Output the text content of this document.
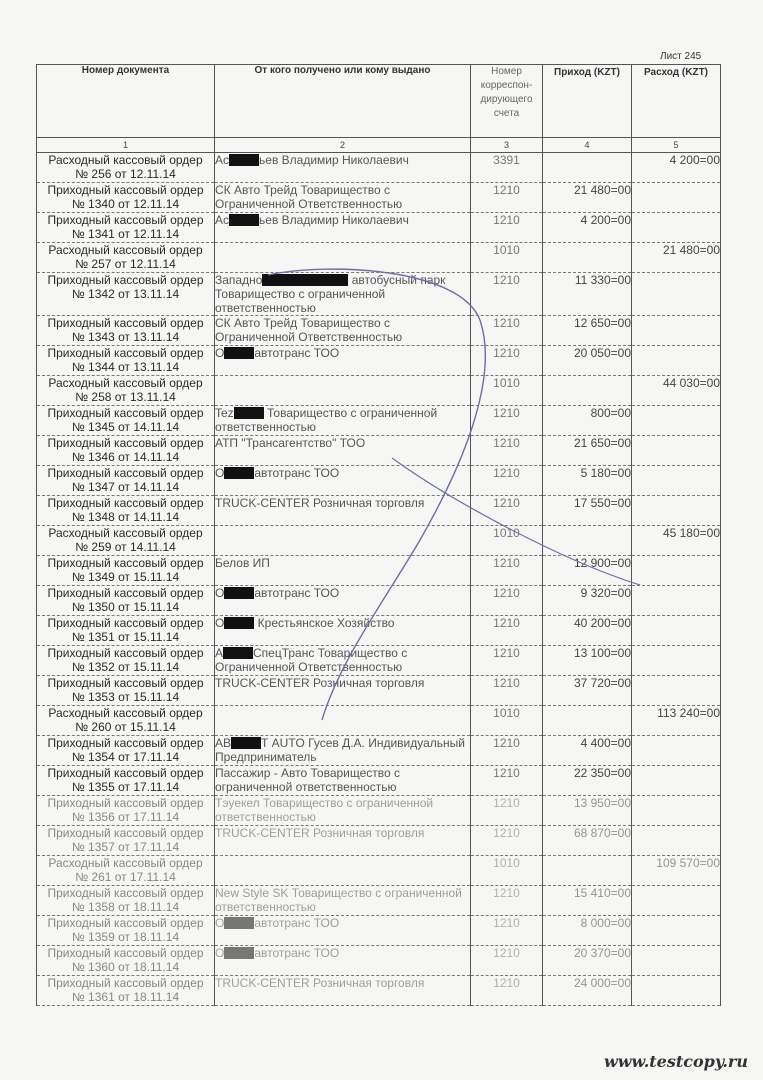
Лист 245
Номер документа	От кого получено или кому выдано	Номер корреспон-дирующего счета	Приход (KZT)	Расход (KZT)
1	2	3	4	5

Расходный кассовый ордер
№ 256 от 12.11.14	Ас ьев Владимир Николаевич	3391		4 200=00

Приходный кассовый ордер
№ 1340 от 12.11.14	СК Авто Трейд Товарищество с Ограниченной Ответственностью	1210	21 480=00	

Приходный кассовый ордер
№ 1341 от 12.11.14	Ас ьев Владимир Николаевич	1210	4 200=00	

Расходный кассовый ордер
№ 257 от 12.11.14		1010		21 480=00

Приходный кассовый ордер
№ 1342 от 13.11.14	Западно автобусный парк Товарищество с ограниченной ответственностью	1210	11 330=00	

Приходный кассовый ордер
№ 1343 от 13.11.14	СК Авто Трейд Товарищество с Ограниченной Ответственностью	1210	12 650=00	

Приходный кассовый ордер
№ 1344 от 13.11.14	О автотранс ТОО	1210	20 050=00	

Расходный кассовый ордер
№ 258 от 13.11.14		1010		44 030=00

Приходный кассовый ордер
№ 1345 от 14.11.14	Tez Товарищество с ограниченной ответственностью	1210	800=00	

Приходный кассовый ордер
№ 1346 от 14.11.14	АТП "Трансагентство" ТОО	1210	21 650=00	

Приходный кассовый ордер
№ 1347 от 14.11.14	О автотранс ТОО	1210	5 180=00	

Приходный кассовый ордер
№ 1348 от 14.11.14	TRUCK-CENTER Розничная торговля	1210	17 550=00	

Расходный кассовый ордер
№ 259 от 14.11.14		1010		45 180=00

Приходный кассовый ордер
№ 1349 от 15.11.14	Белов ИП	1210	12 900=00	

Приходный кассовый ордер
№ 1350 от 15.11.14	О автотранс ТОО	1210	9 320=00	

Приходный кассовый ордер
№ 1351 от 15.11.14	О Крестьянское Хозяйство	1210	40 200=00	

Приходный кассовый ордер
№ 1352 от 15.11.14	А СпецТранс Товарищество с Ограниченной Ответственностью	1210	13 100=00	

Приходный кассовый ордер
№ 1353 от 15.11.14	TRUCK-CENTER Розничная торговля	1210	37 720=00	

Расходный кассовый ордер
№ 260 от 15.11.14		1010		113 240=00

Приходный кассовый ордер
№ 1354 от 17.11.14	АВ Т AUTO Гусев Д.А. Индивидуальный Предприниматель	1210	4 400=00	

Приходный кассовый ордер
№ 1355 от 17.11.14	Пассажир - Авто Товарищество с ограниченной ответственностью	1210	22 350=00	

Приходный кассовый ордер
№ 1356 от 17.11.14	Тэуекел Товарищество с ограниченной ответственностью	1210	13 950=00	

Приходный кассовый ордер
№ 1357 от 17.11.14	TRUCK-CENTER Розничная торговля	1210	68 870=00	

Расходный кассовый ордер
№ 261 от 17.11.14		1010		109 570=00

Приходный кассовый ордер
№ 1358 от 18.11.14	New Style SK Товарищество с ограниченной ответственностью	1210	15 410=00	

Приходный кассовый ордер
№ 1359 от 18.11.14	О автотранс ТОО	1210	8 000=00	

Приходный кассовый ордер
№ 1360 от 18.11.14	О автотранс ТОО	1210	20 370=00	

Приходный кассовый ордер
№ 1361 от 18.11.14	TRUCK-CENTER Розничная торговля	1210	24 000=00	
www.testcopy.ru
